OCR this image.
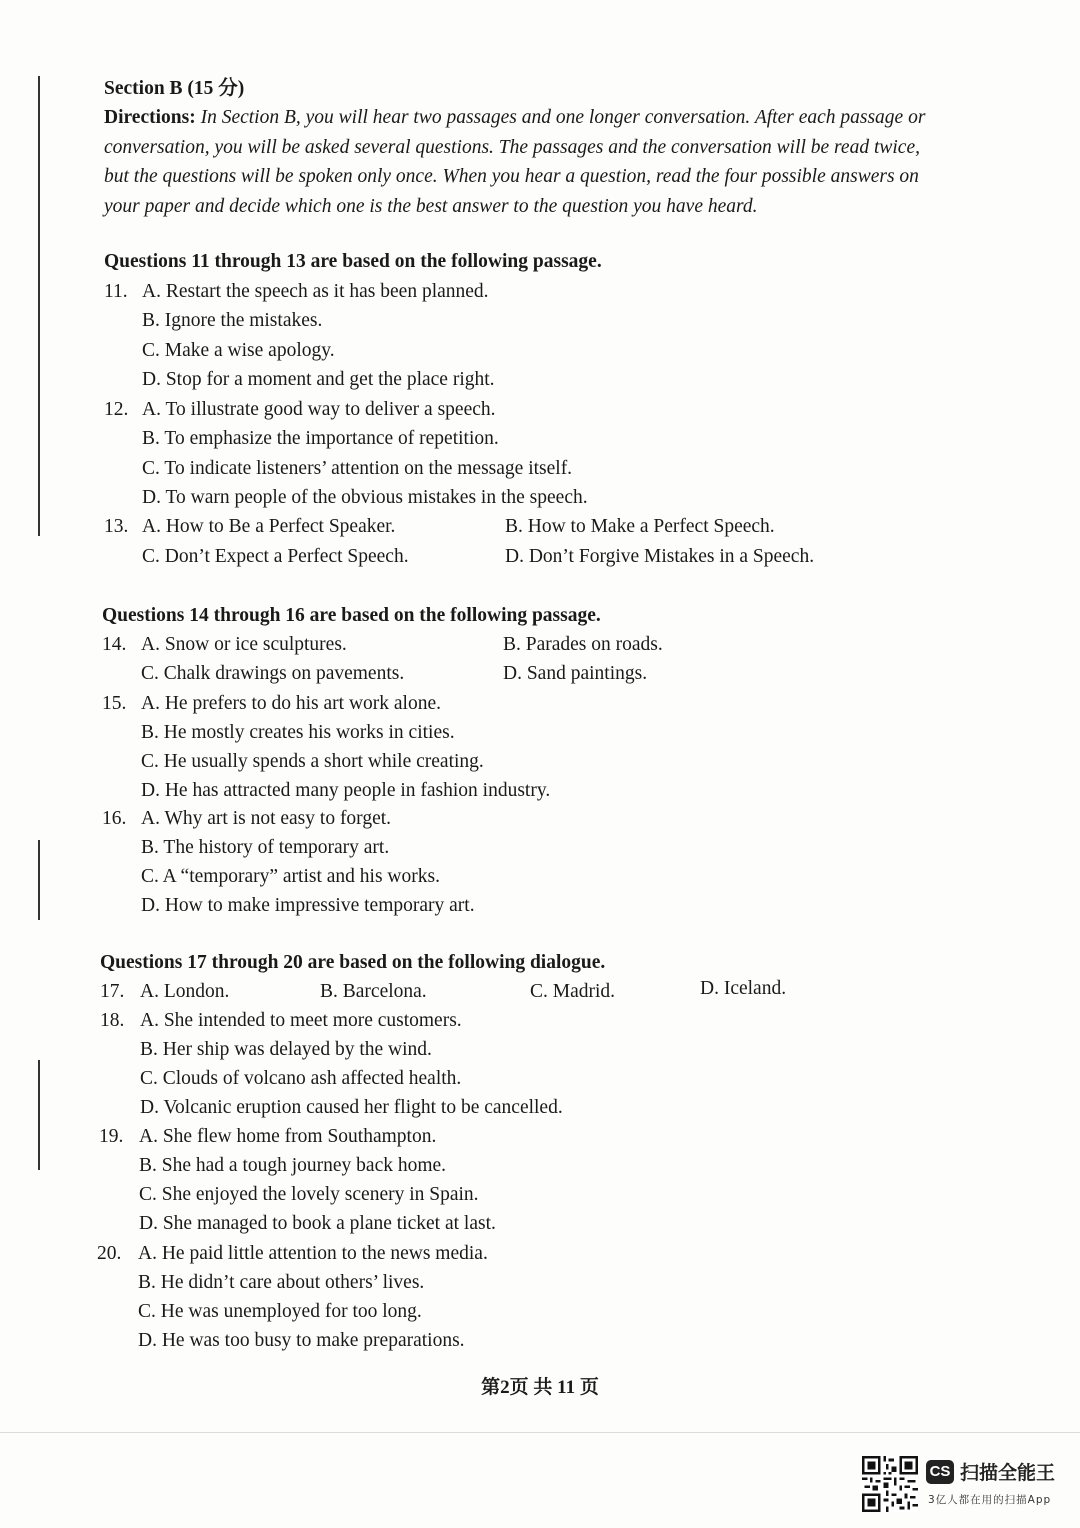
Section B (15 分)
Directions: In Section B, you will hear two passages and one longer conversation. After each passage or conversation, you will be asked several questions. The passages and the conversation will be read twice, but the questions will be spoken only once. When you hear a question, read the four possible answers on your paper and decide which one is the best answer to the question you have heard.
Questions 11 through 13 are based on the following passage.
11. A. Restart the speech as it has been planned.
B. Ignore the mistakes.
C. Make a wise apology.
D. Stop for a moment and get the place right.
12. A. To illustrate good way to deliver a speech.
B. To emphasize the importance of repetition.
C. To indicate listeners’ attention on the message itself.
D. To warn people of the obvious mistakes in the speech.
13. A. How to Be a Perfect Speaker.	B. How to Make a Perfect Speech.
C. Don’t Expect a Perfect Speech.	D. Don’t Forgive Mistakes in a Speech.
Questions 14 through 16 are based on the following passage.
14. A. Snow or ice sculptures.	B. Parades on roads.
C. Chalk drawings on pavements.	D. Sand paintings.
15. A. He prefers to do his art work alone.
B. He mostly creates his works in cities.
C. He usually spends a short while creating.
D. He has attracted many people in fashion industry.
16. A. Why art is not easy to forget.
B. The history of temporary art.
C. A “temporary” artist and his works.
D. How to make impressive temporary art.
Questions 17 through 20 are based on the following dialogue.
17. A. London.	B. Barcelona.	C. Madrid.	D. Iceland.
18. A. She intended to meet more customers.
B. Her ship was delayed by the wind.
C. Clouds of volcano ash affected health.
D. Volcanic eruption caused her flight to be cancelled.
19. A. She flew home from Southampton.
B. She had a tough journey back home.
C. She enjoyed the lovely scenery in Spain.
D. She managed to book a plane ticket at last.
20. A. He paid little attention to the news media.
B. He didn’t care about others’ lives.
C. He was unemployed for too long.
D. He was too busy to make preparations.
第2页 共 11 页
CS 扫描全能王
3亿人都在用的扫描App
